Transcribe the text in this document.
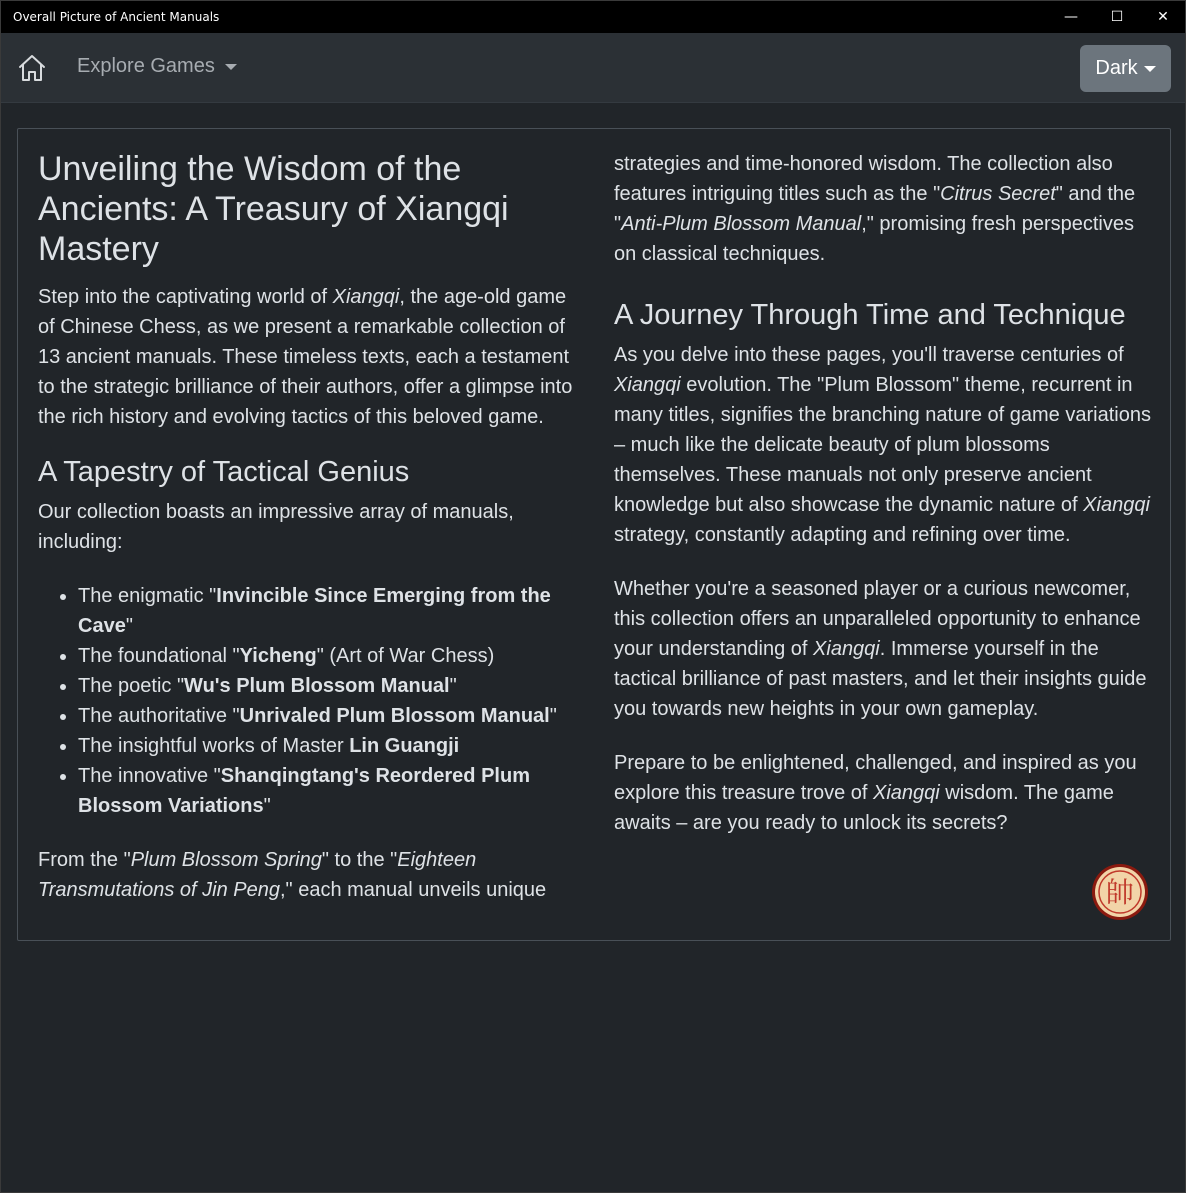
Overall Picture of Ancient Manuals	—	☐	✕
Explore Games	Dark
Unveiling the Wisdom of the Ancients: A Treasury of Xiangqi Mastery

Step into the captivating world of Xiangqi, the age-old game of Chinese Chess, as we present a remarkable collection of 13 ancient manuals. These timeless texts, each a testament to the strategic brilliance of their authors, offer a glimpse into the rich history and evolving tactics of this beloved game.

A Tapestry of Tactical Genius

Our collection boasts an impressive array of manuals, including:

• The enigmatic "Invincible Since Emerging from the Cave"
• The foundational "Yicheng" (Art of War Chess)
• The poetic "Wu's Plum Blossom Manual"
• The authoritative "Unrivaled Plum Blossom Manual"
• The insightful works of Master Lin Guangji
• The innovative "Shanqingtang's Reordered Plum Blossom Variations"

From the "Plum Blossom Spring" to the "Eighteen Transmutations of Jin Peng," each manual unveils unique

strategies and time-honored wisdom. The collection also features intriguing titles such as the "Citrus Secret" and the "Anti-Plum Blossom Manual," promising fresh perspectives on classical techniques.

A Journey Through Time and Technique

As you delve into these pages, you'll traverse centuries of Xiangqi evolution. The "Plum Blossom" theme, recurrent in many titles, signifies the branching nature of game variations – much like the delicate beauty of plum blossoms themselves. These manuals not only preserve ancient knowledge but also showcase the dynamic nature of Xiangqi strategy, constantly adapting and refining over time.

Whether you're a seasoned player or a curious newcomer, this collection offers an unparalleled opportunity to enhance your understanding of Xiangqi. Immerse yourself in the tactical brilliance of past masters, and let their insights guide you towards new heights in your own gameplay.

Prepare to be enlightened, challenged, and inspired as you explore this treasure trove of Xiangqi wisdom. The game awaits – are you ready to unlock its secrets?

帥
